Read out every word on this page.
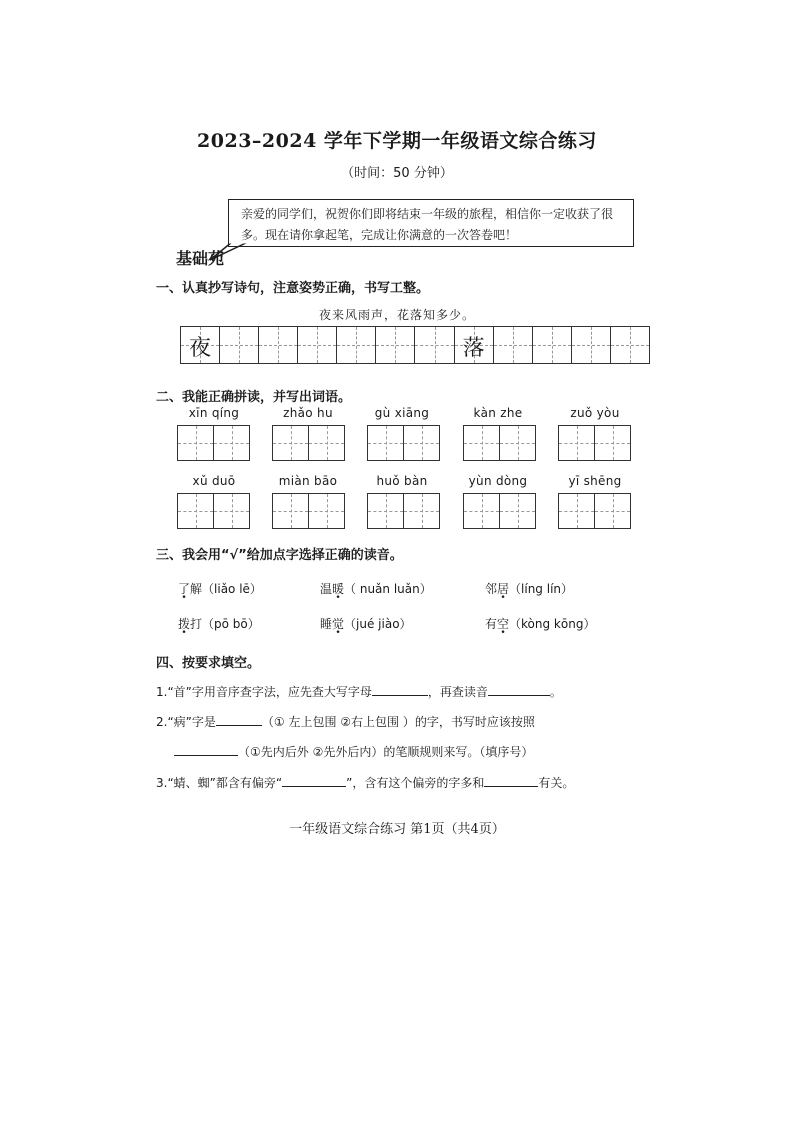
2023–2024 学年下学期一年级语文综合练习
（时间：50 分钟）
亲爱的同学们，祝贺你们即将结束一年级的旅程，相信你一定收获了很多。现在请你拿起笔，完成让你满意的一次答卷吧！
基础苑
一、认真抄写诗句，注意姿势正确，书写工整。
夜来风雨声，花落知多少。
夜	落
二、我能正确拼读，并写出词语。
xīn qíng	zhǎo hu	gù xiāng	kàn zhe	zuǒ yòu
xǔ duō	miàn bāo	huǒ bàn	yùn dòng	yī shēng
三、我会用“√”给加点字选择正确的读音。
了解（liǎo lē）	温暖（ nuǎn luǎn）	邻居（líng lín）
拨打（pō bō）	睡觉（jué jiào）	有空（kòng kōng）
四、按要求填空。
1.“首”字用音序查字法，应先查大写字母	，再查读音	。
2.“病”字是	（① 左上包围 ②右上包围 ）的字，书写时应该按照
（①先内后外 ②先外后内）的笔顺规则来写。（填序号）
3.“蜻、蜘”都含有偏旁“	”，含有这个偏旁的字多和	有关。
一年级语文综合练习 第1页（共4页）
